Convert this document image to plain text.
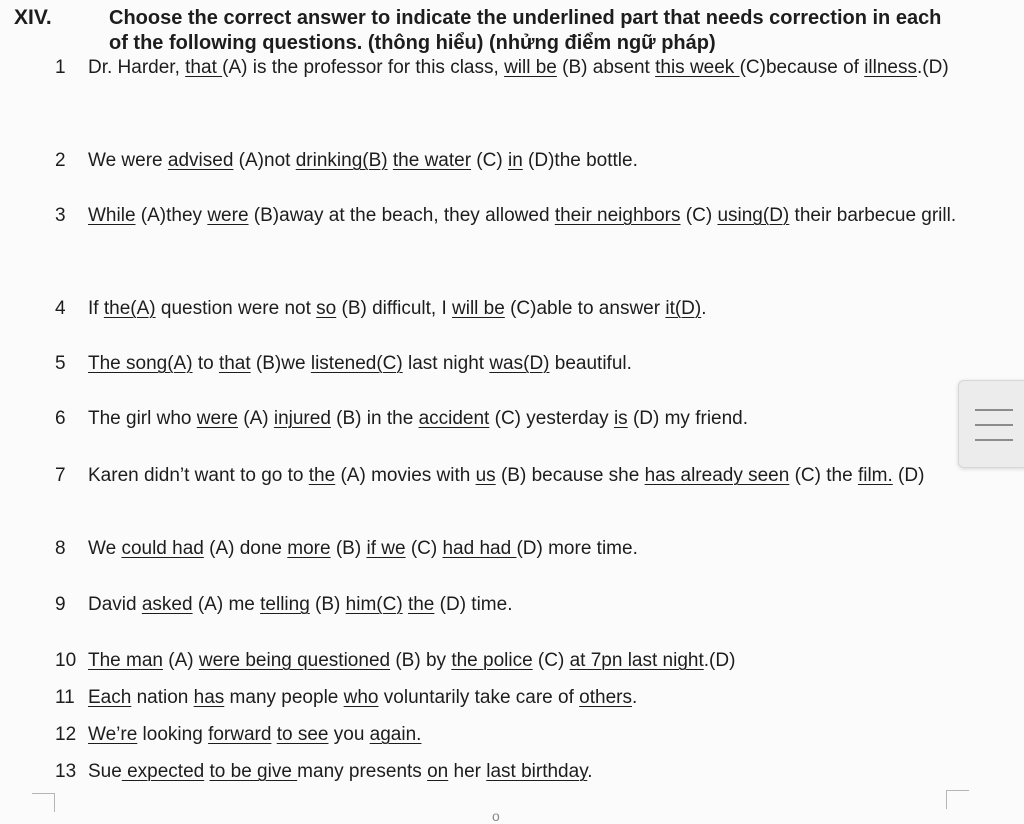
XIV.	Choose the correct answer to indicate the underlined part that needs correction in each of the following questions. (thông hiểu) (nhửng điểm ngữ pháp)
1	Dr. Harder, that (A) is the professor for this class, will be (B) absent this week (C)because of illness.(D)
2	We were advised (A)not drinking(B) the water (C) in (D)the bottle.
3	While (A)they were (B)away at the beach, they allowed their neighbors (C) using(D) their barbecue grill.
4	If the(A) question were not so (B) difficult, I will be (C)able to answer it(D).
5	The song(A) to that (B)we listened(C) last night was(D) beautiful.
6	The girl who were (A) injured (B) in the accident (C) yesterday is (D) my friend.
7	Karen didn’t want to go to the (A) movies with us (B) because she has already seen (C) the film. (D)
8	We could had (A) done more (B) if we (C) had had (D) more time.
9	David asked (A) me telling (B) him(C) the (D) time.
10 The man (A) were being questioned (B) by the police (C) at 7pn last night.(D)
11 Each nation has many people who voluntarily take care of others.
12 We’re looking forward to see you again.
13 Sue expected to be give many presents on her last birthday.
o
